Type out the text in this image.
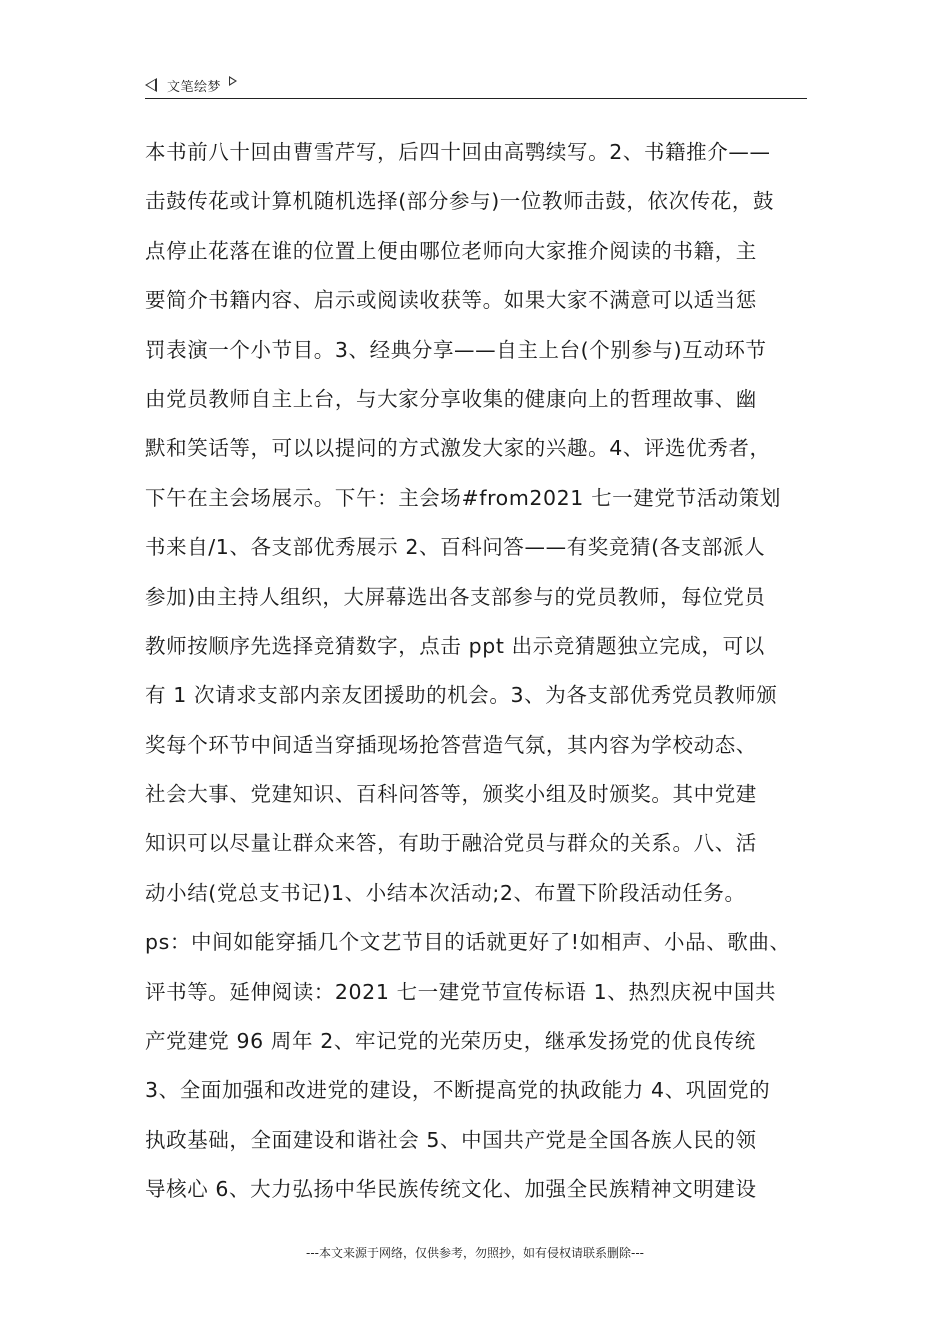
文笔绘梦
本书前八十回由曹雪芹写，后四十回由高鹗续写。2、书籍推介——
击鼓传花或计算机随机选择(部分参与)一位教师击鼓，依次传花，鼓
点停止花落在谁的位置上便由哪位老师向大家推介阅读的书籍，主
要简介书籍内容、启示或阅读收获等。如果大家不满意可以适当惩
罚表演一个小节目。3、经典分享——自主上台(个别参与)互动环节
由党员教师自主上台，与大家分享收集的健康向上的哲理故事、幽
默和笑话等，可以以提问的方式激发大家的兴趣。4、评选优秀者，
下午在主会场展示。下午：主会场#from2021 七一建党节活动策划
书来自/1、各支部优秀展示 2、百科问答——有奖竞猜(各支部派人
参加)由主持人组织，大屏幕选出各支部参与的党员教师，每位党员
教师按顺序先选择竞猜数字，点击 ppt 出示竞猜题独立完成，可以
有 1 次请求支部内亲友团援助的机会。3、为各支部优秀党员教师颁
奖每个环节中间适当穿插现场抢答营造气氛，其内容为学校动态、
社会大事、党建知识、百科问答等，颁奖小组及时颁奖。其中党建
知识可以尽量让群众来答，有助于融洽党员与群众的关系。八、活
动小结(党总支书记)1、小结本次活动;2、布置下阶段活动任务。
ps：中间如能穿插几个文艺节目的话就更好了!如相声、小品、歌曲、
评书等。延伸阅读：2021 七一建党节宣传标语 1、热烈庆祝中国共
产党建党 96 周年 2、牢记党的光荣历史，继承发扬党的优良传统
3、全面加强和改进党的建设，不断提高党的执政能力 4、巩固党的
执政基础，全面建设和谐社会 5、中国共产党是全国各族人民的领
导核心 6、大力弘扬中华民族传统文化、加强全民族精神文明建设
---本文来源于网络，仅供参考，勿照抄，如有侵权请联系删除---
